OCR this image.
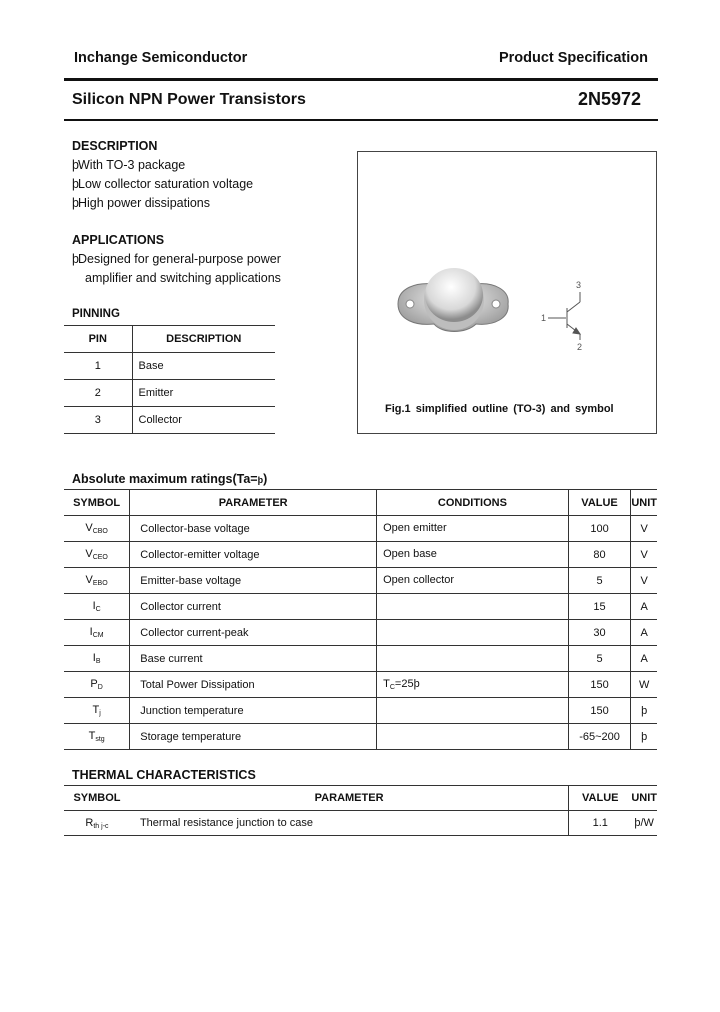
Inchange Semiconductor	Product Specification
Silicon NPN Power Transistors	2N5972
DESCRIPTION
þWith TO-3 package
þLow collector saturation voltage
þHigh power dissipations
APPLICATIONS
þDesigned for general-purpose power
amplifier and switching applications
PINNING
PIN	DESCRIPTION
1	Base
2	Emitter
3	Collector
1
2
3
Fig.1 simplified outline (TO-3) and symbol
Absolute maximum ratings(Ta=þ)
SYMBOL	PARAMETER	CONDITIONS	VALUE	UNIT
$V_{CBO}$	Collector-base voltage	Open emitter	100	V
$V_{CEO}$	Collector-emitter voltage	Open base	80	V
$V_{EBO}$	Emitter-base voltage	Open collector	5	V
$I_C$	Collector current		15	A
$I_{CM}$	Collector current-peak		30	A
$I_B$	Base current		5	A
$P_D$	Total Power Dissipation	$T_C=25þ$	150	W
$T_j$	Junction temperature		150	þ
$T_{stg}$	Storage temperature		-65~200	þ
THERMAL CHARACTERISTICS
SYMBOL	PARAMETER	VALUE	UNIT
$R_{th j-c}$	Thermal resistance junction to case	1.1	þ/W
